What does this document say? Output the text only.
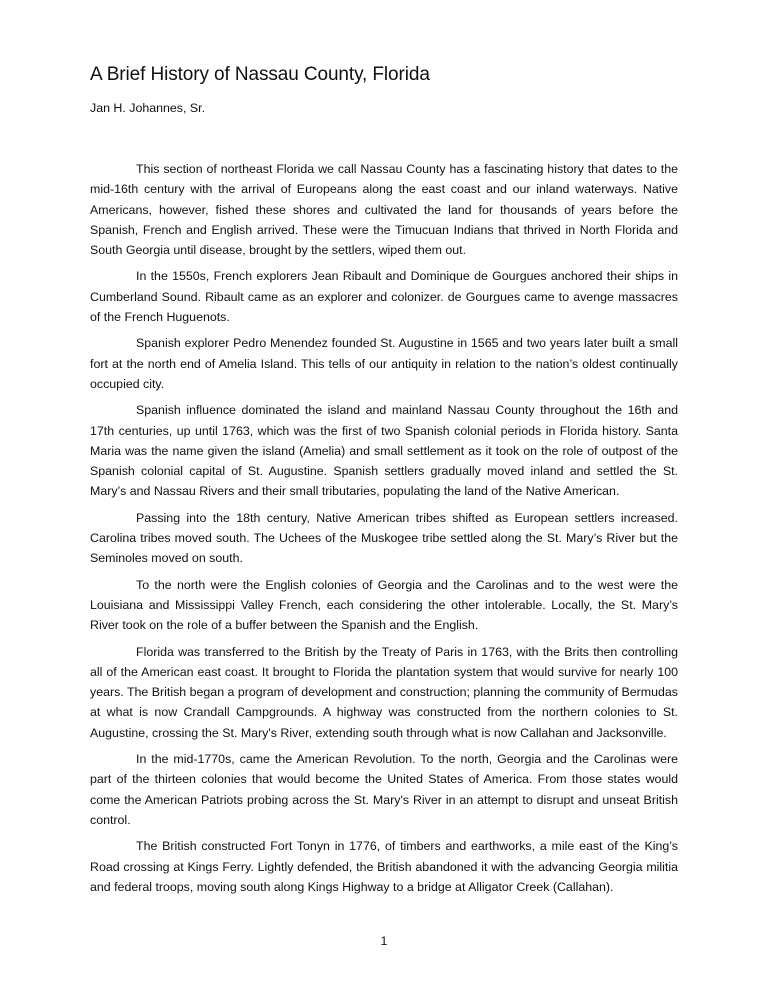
A Brief History of Nassau County, Florida

Jan H. Johannes, Sr.

This section of northeast Florida we call Nassau County has a fascinating history that dates to the mid-16th century with the arrival of Europeans along the east coast and our inland waterways. Native Americans, however, fished these shores and cultivated the land for thousands of years before the Spanish, French and English arrived. These were the Timucuan Indians that thrived in North Florida and South Georgia until disease, brought by the settlers, wiped them out.

In the 1550s, French explorers Jean Ribault and Dominique de Gourgues anchored their ships in Cumberland Sound. Ribault came as an explorer and colonizer. de Gourgues came to avenge massacres of the French Huguenots.

Spanish explorer Pedro Menendez founded St. Augustine in 1565 and two years later built a small fort at the north end of Amelia Island. This tells of our antiquity in relation to the nation’s oldest continually occupied city.

Spanish influence dominated the island and mainland Nassau County throughout the 16th and 17th centuries, up until 1763, which was the first of two Spanish colonial periods in Florida history. Santa Maria was the name given the island (Amelia) and small settlement as it took on the role of outpost of the Spanish colonial capital of St. Augustine. Spanish settlers gradually moved inland and settled the St. Mary’s and Nassau Rivers and their small tributaries, populating the land of the Native American.

Passing into the 18th century, Native American tribes shifted as European settlers increased. Carolina tribes moved south. The Uchees of the Muskogee tribe settled along the St. Mary’s River but the Seminoles moved on south.

To the north were the English colonies of Georgia and the Carolinas and to the west were the Louisiana and Mississippi Valley French, each considering the other intolerable. Locally, the St. Mary’s River took on the role of a buffer between the Spanish and the English.

Florida was transferred to the British by the Treaty of Paris in 1763, with the Brits then controlling all of the American east coast. It brought to Florida the plantation system that would survive for nearly 100 years. The British began a program of development and construction; planning the community of Bermudas at what is now Crandall Campgrounds. A highway was constructed from the northern colonies to St. Augustine, crossing the St. Mary's River, extending south through what is now Callahan and Jacksonville.

In the mid-1770s, came the American Revolution. To the north, Georgia and the Carolinas were part of the thirteen colonies that would become the United States of America. From those states would come the American Patriots probing across the St. Mary's River in an attempt to disrupt and unseat British control.

The British constructed Fort Tonyn in 1776, of timbers and earthworks, a mile east of the King’s Road crossing at Kings Ferry. Lightly defended, the British abandoned it with the advancing Georgia militia and federal troops, moving south along Kings Highway to a bridge at Alligator Creek (Callahan).

1
